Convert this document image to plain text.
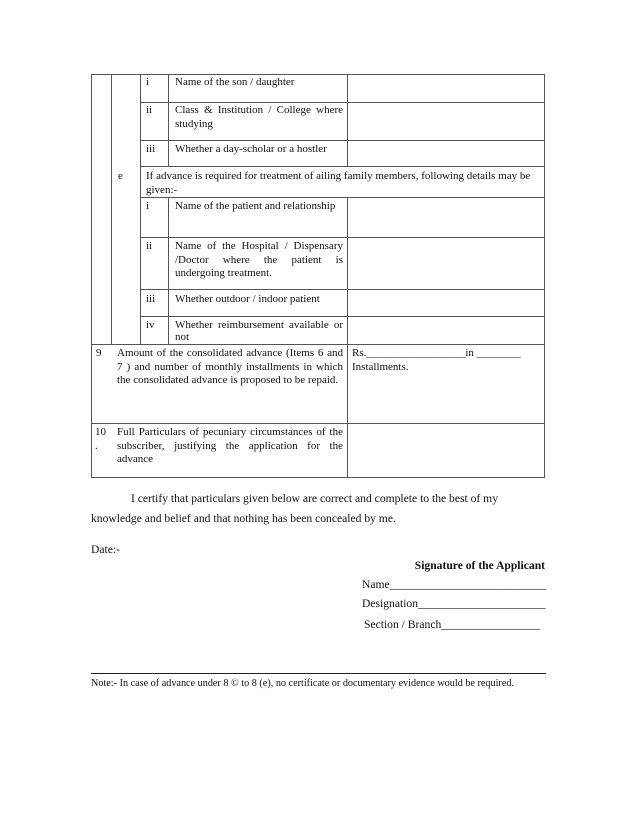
i Name of the son / daughter
ii Class & Institution / College where studying
iii Whether a day-scholar or a hostler
e If advance is required for treatment of ailing family members, following details may be given:-
i Name of the patient and relationship
ii Name of the Hospital / Dispensary /Doctor where the patient is undergoing treatment.
iii Whether outdoor / indoor patient
iv Whether reimbursement available or not
9 Amount of the consolidated advance (Items 6 and 7 ) and number of monthly installments in which the consolidated advance is proposed to be repaid.
Rs.__________________in ________ Installments.
10 .
Full Particulars of pecuniary circumstances of the subscriber, justifying the application for the advance
I certify that particulars given below are correct and complete to the best of my knowledge and belief and that nothing has been concealed by me.
Date:-
Signature of the Applicant
Name___________________________
Designation______________________
Section / Branch_________________
Note:- In case of advance under 8 © to 8 (e), no certificate or documentary evidence would be required.
